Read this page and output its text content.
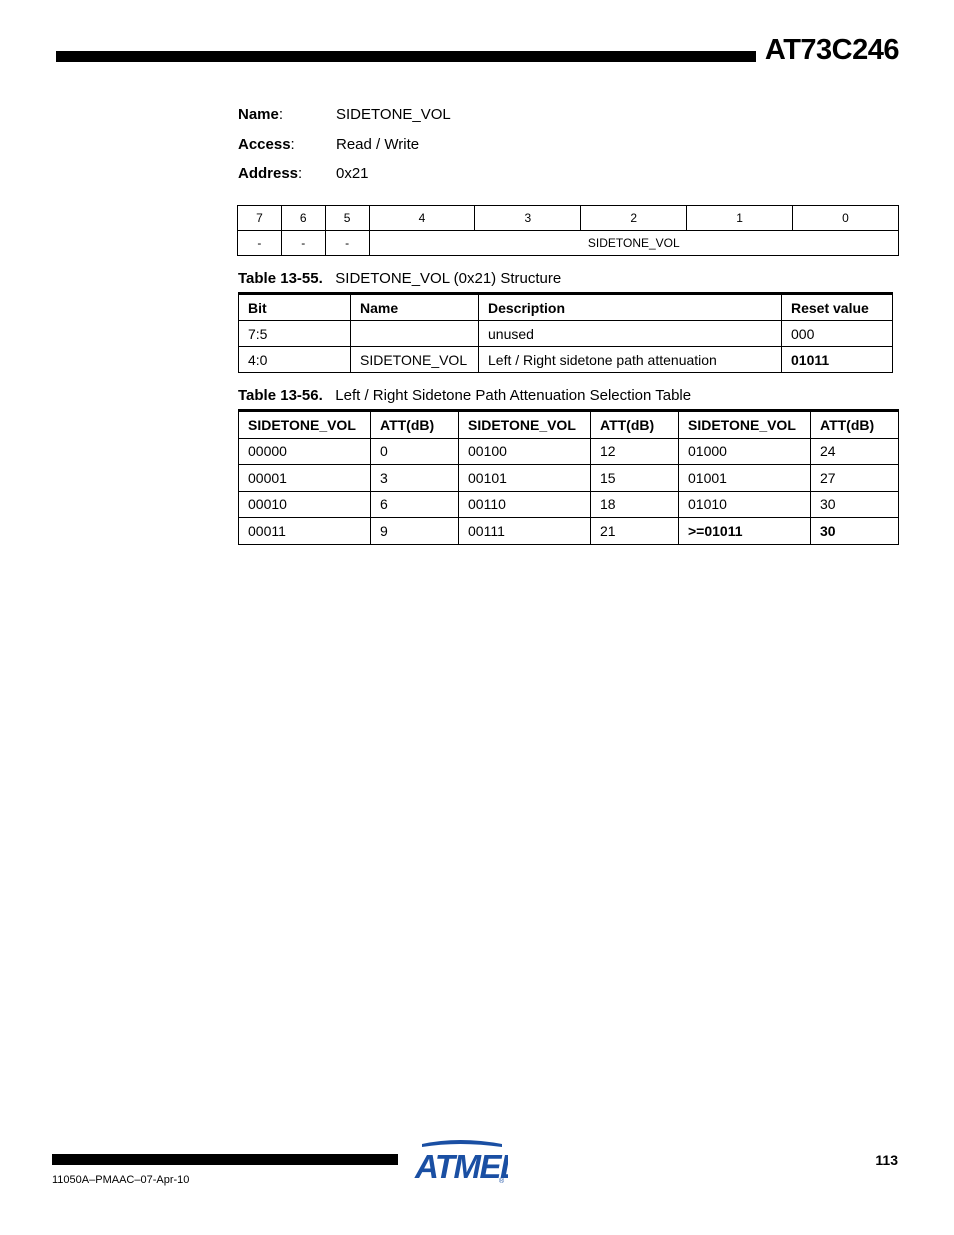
AT73C246
Name:	SIDETONE_VOL
Access:	Read / Write
Address:	0x21
7	6	5	4	3	2	1	0
-	-	-	SIDETONE_VOL				
Table 13-55. SIDETONE_VOL (0x21) Structure
Bit	Name	Description	Reset value
7:5		unused	000
4:0	SIDETONE_VOL	Left / Right sidetone path attenuation	01011
Table 13-56. Left / Right Sidetone Path Attenuation Selection Table
SIDETONE_VOL	ATT(dB)	SIDETONE_VOL	ATT(dB)	SIDETONE_VOL	ATT(dB)
00000	0	00100	12	01000	24
00001	3	00101	15	01001	27
00010	6	00110	18	01010	30
00011	9	00111	21	>=01011	30
ATME
®
113
11050A–PMAAC–07-Apr-10
